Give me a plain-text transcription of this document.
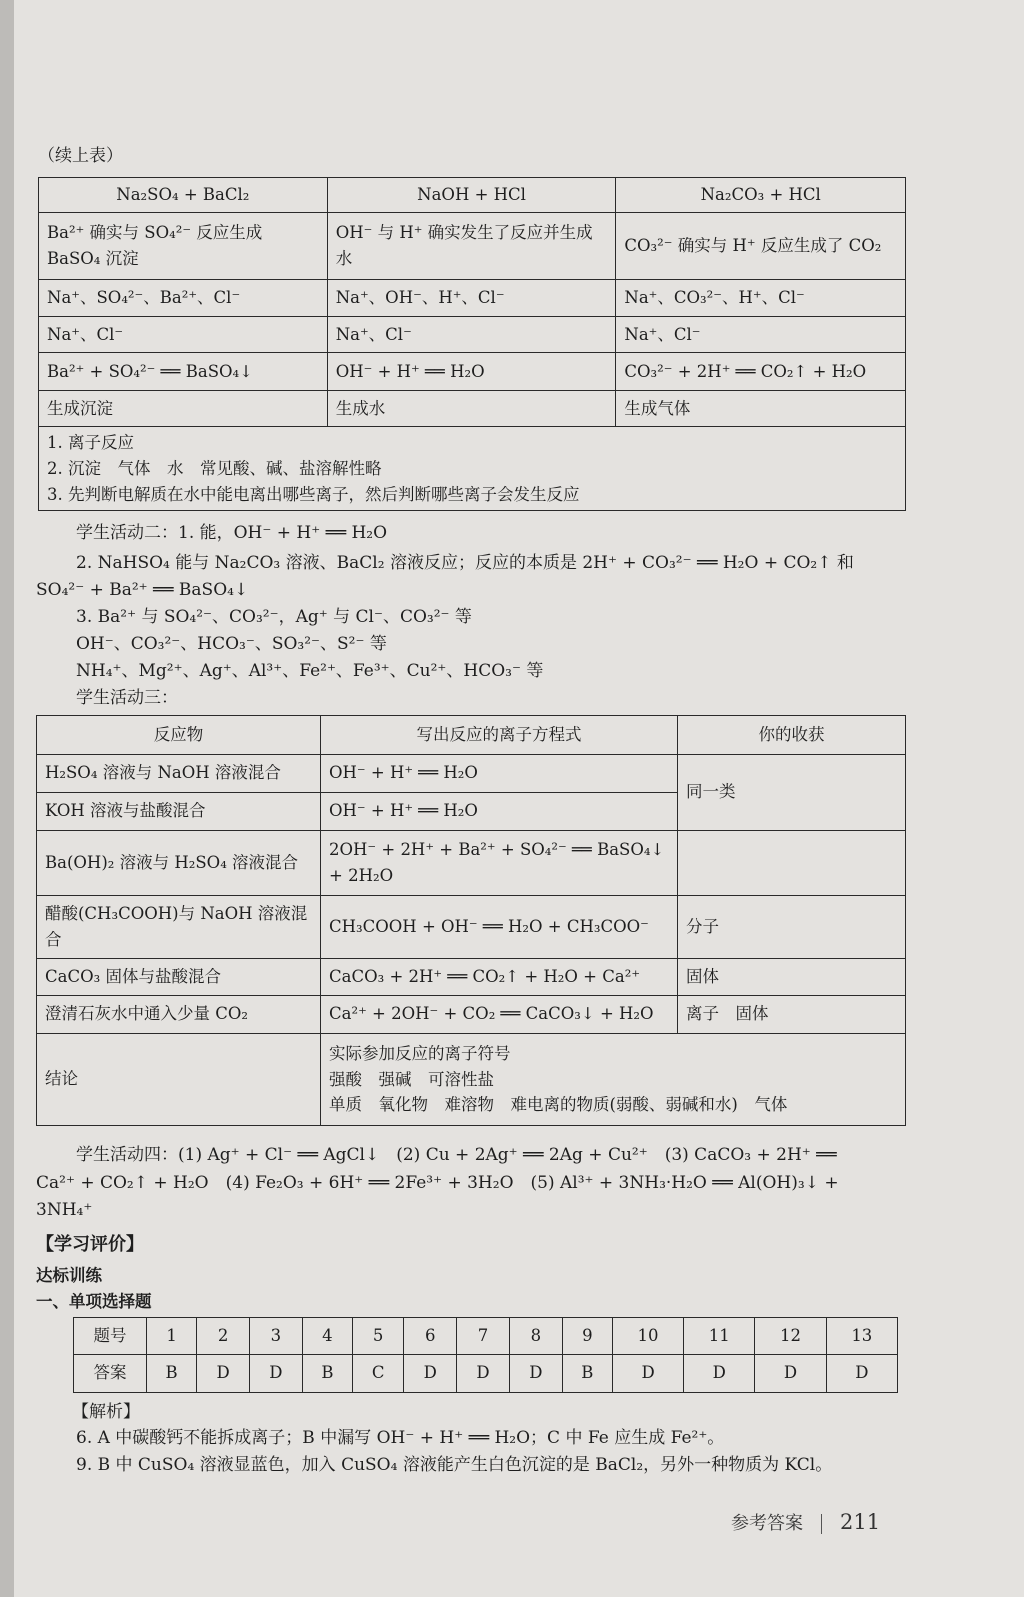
（续上表）
Na₂SO₄ + BaCl₂	NaOH + HCl	Na₂CO₃ + HCl
Ba²⁺ 确实与 SO₄²⁻ 反应生成 BaSO₄ 沉淀	OH⁻ 与 H⁺ 确实发生了反应并生成水	CO₃²⁻ 确实与 H⁺ 反应生成了 CO₂
Na⁺、SO₄²⁻、Ba²⁺、Cl⁻	Na⁺、OH⁻、H⁺、Cl⁻	Na⁺、CO₃²⁻、H⁺、Cl⁻
Na⁺、Cl⁻	Na⁺、Cl⁻	Na⁺、Cl⁻
Ba²⁺ + SO₄²⁻ ══ BaSO₄↓	OH⁻ + H⁺ ══ H₂O	CO₃²⁻ + 2H⁺ ══ CO₂↑ + H₂O
生成沉淀	生成水	生成气体

1. 离子反应
2. 沉淀　气体　水　常见酸、碱、盐溶解性略
3. 先判断电解质在水中能电离出哪些离子，然后判断哪些离子会发生反应		
学生活动二：1. 能，OH⁻ + H⁺ ══ H₂O
2. NaHSO₄ 能与 Na₂CO₃ 溶液、BaCl₂ 溶液反应；反应的本质是 2H⁺ + CO₃²⁻ ══ H₂O + CO₂↑ 和
SO₄²⁻ + Ba²⁺ ══ BaSO₄↓
3. Ba²⁺ 与 SO₄²⁻、CO₃²⁻，Ag⁺ 与 Cl⁻、CO₃²⁻ 等
OH⁻、CO₃²⁻、HCO₃⁻、SO₃²⁻、S²⁻ 等
NH₄⁺、Mg²⁺、Ag⁺、Al³⁺、Fe²⁺、Fe³⁺、Cu²⁺、HCO₃⁻ 等
学生活动三：
反应物	写出反应的离子方程式	你的收获
H₂SO₄ 溶液与 NaOH 溶液混合	OH⁻ + H⁺ ══ H₂O	同一类
KOH 溶液与盐酸混合	OH⁻ + H⁺ ══ H₂O	
Ba(OH)₂ 溶液与 H₂SO₄ 溶液混合	2OH⁻ + 2H⁺ + Ba²⁺ + SO₄²⁻ ══ BaSO₄↓ + 2H₂O	
醋酸(CH₃COOH)与 NaOH 溶液混合	CH₃COOH + OH⁻ ══ H₂O + CH₃COO⁻	分子
CaCO₃ 固体与盐酸混合	CaCO₃ + 2H⁺ ══ CO₂↑ + H₂O + Ca²⁺	固体
澄清石灰水中通入少量 CO₂	Ca²⁺ + 2OH⁻ + CO₂ ══ CaCO₃↓ + H₂O	离子　固体
结论	实际参加反应的离子符号
强酸　强碱　可溶性盐
单质　氧化物　难溶物　难电离的物质(弱酸、弱碱和水)　气体	
学生活动四：(1) Ag⁺ + Cl⁻ ══ AgCl↓　(2) Cu + 2Ag⁺ ══ 2Ag + Cu²⁺　(3) CaCO₃ + 2H⁺ ══
Ca²⁺ + CO₂↑ + H₂O　(4) Fe₂O₃ + 6H⁺ ══ 2Fe³⁺ + 3H₂O　(5) Al³⁺ + 3NH₃·H₂O ══ Al(OH)₃↓ +
3NH₄⁺
【学习评价】
达标训练
一、单项选择题
题号	1	2	3	4	5	6	7	8	9	10	11	12	13
答案	B	D	D	B	C	D	D	D	B	D	D	D	D
【解析】
6. A 中碳酸钙不能拆成离子；B 中漏写 OH⁻ + H⁺ ══ H₂O；C 中 Fe 应生成 Fe²⁺。
9. B 中 CuSO₄ 溶液显蓝色，加入 CuSO₄ 溶液能产生白色沉淀的是 BaCl₂，另外一种物质为 KCl。
参考答案 211
